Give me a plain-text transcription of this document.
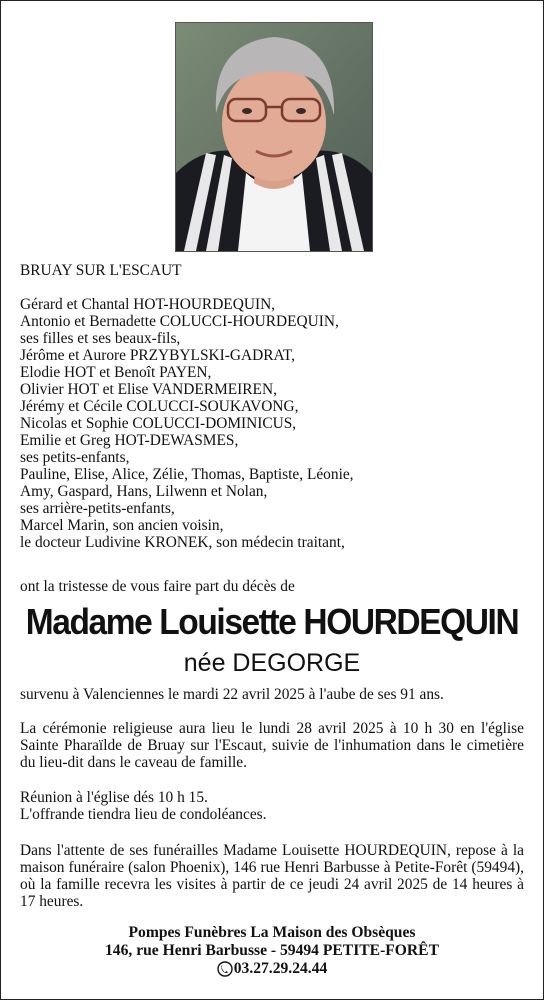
BRUAY SUR L'ESCAUT
Gérard et Chantal HOT-HOURDEQUIN,
Antonio et Bernadette COLUCCI-HOURDEQUIN,
ses filles et ses beaux-fils,
Jérôme et Aurore PRZYBYLSKI-GADRAT,
Elodie HOT et Benoît PAYEN,
Olivier HOT et Elise VANDERMEIREN,
Jérémy et Cécile COLUCCI-SOUKAVONG,
Nicolas et Sophie COLUCCI-DOMINICUS,
Emilie et Greg HOT-DEWASMES,
ses petits-enfants,
Pauline, Elise, Alice, Zélie, Thomas, Baptiste, Léonie,
Amy, Gaspard, Hans, Lilwenn et Nolan,
ses arrière-petits-enfants,
Marcel Marin, son ancien voisin,
le docteur Ludivine KRONEK, son médecin traitant,
ont la tristesse de vous faire part du décès de
Madame Louisette HOURDEQUIN
née DEGORGE
survenu à Valenciennes le mardi 22 avril 2025 à l'aube de ses 91 ans.
La cérémonie religieuse aura lieu le lundi 28 avril 2025 à 10 h 30 en l'église Sainte Pharaïlde de Bruay sur l'Escaut, suivie de l'inhumation dans le cimetière du lieu-dit dans le caveau de famille.
Réunion à l'église dés 10 h 15.
L'offrande tiendra lieu de condoléances.
Dans l'attente de ses funérailles Madame Louisette HOURDEQUIN, repose à la maison funéraire (salon Phoenix), 146 rue Henri Barbusse à Petite-Forêt (59494), où la famille recevra les visites à partir de ce jeudi 24 avril 2025 de 14 heures à 17 heures.
Pompes Funèbres La Maison des Obsèques
146, rue Henri Barbusse - 59494 PETITE-FORÊT
03.27.29.24.44
